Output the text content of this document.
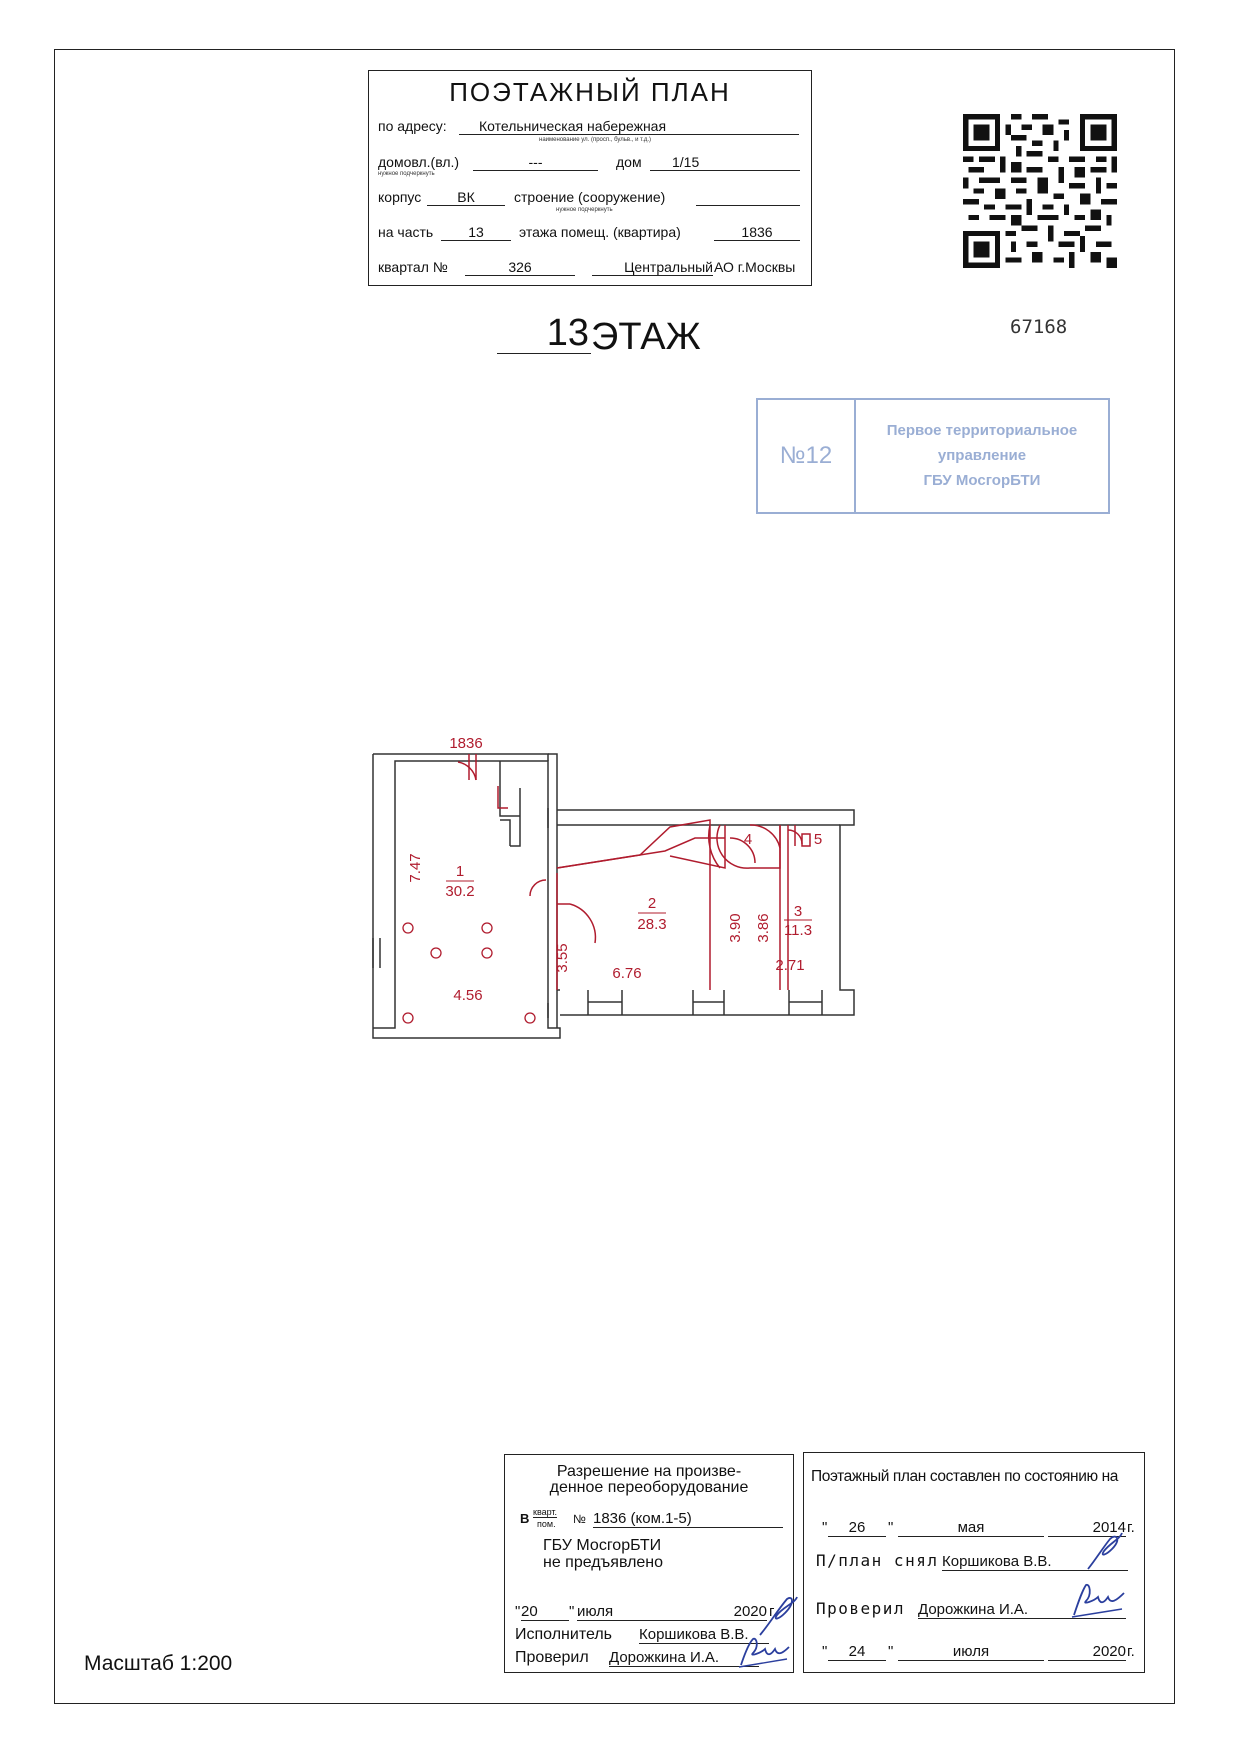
ПОЭТАЖНЫЙ ПЛАН
по адресу:	Котельническая набережная
наименование ул. (просп., бульв., и т.д.)
домовл.(вл.)	---	дом	1/15
нужное подчеркнуть
корпус	ВК	строение (сооружение)
нужное подчеркнуть
на часть	13	этажа помещ. (квартира)	1836
квартал №	326	Центральный АО г.Москвы
13ЭТАЖ	67168
№12
Первое территориальное
управление
ГБУ МосгорБТИ
1836
1
30.2
2
28.3
3
11.3
4	5
7.47
4.56
3.55
6.76
3.90 3.86
2.71
Разрешение на произве-
денное переоборудование
В кварт.
пом. № 1836 (ком.1-5)
ГБУ МосгорБТИ
не предъявлено
" 20	" июля	2020 г.
Исполнитель Коршикова В.В.
Проверил Дорожкина И.А.
Поэтажный план составлен по состоянию на
"	26	"	мая	2014 г.
П/план снял Коршикова В.В.
Проверил Дорожкина И.А.
"	24	"	июля	2020 г.
Масштаб 1:200
